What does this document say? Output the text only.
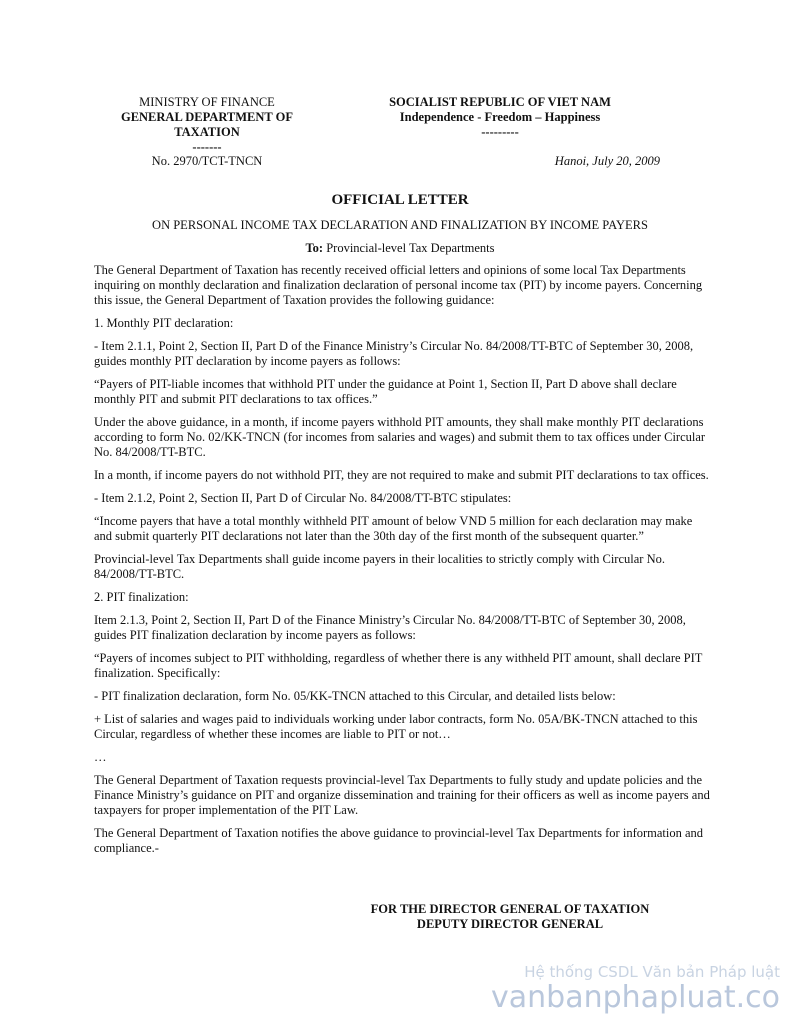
MINISTRY OF FINANCE
GENERAL DEPARTMENT OF
TAXATION
-------
SOCIALIST REPUBLIC OF VIET NAM
Independence - Freedom – Happiness
---------
No. 2970/TCT-TNCN	Hanoi, July 20, 2009
OFFICIAL LETTER
ON PERSONAL INCOME TAX DECLARATION AND FINALIZATION BY INCOME PAYERS
To: Provincial-level Tax Departments

The General Department of Taxation has recently received official letters and opinions of some local Tax Departments inquiring on monthly declaration and finalization declaration of personal income tax (PIT) by income payers. Concerning this issue, the General Department of Taxation provides the following guidance:

1. Monthly PIT declaration:

- Item 2.1.1, Point 2, Section II, Part D of the Finance Ministry’s Circular No. 84/2008/TT-BTC of September 30, 2008, guides monthly PIT declaration by income payers as follows:

“Payers of PIT-liable incomes that withhold PIT under the guidance at Point 1, Section II, Part D above shall declare monthly PIT and submit PIT declarations to tax offices.”

Under the above guidance, in a month, if income payers withhold PIT amounts, they shall make monthly PIT declarations according to form No. 02/KK-TNCN (for incomes from salaries and wages) and submit them to tax offices under Circular No. 84/2008/TT-BTC.

In a month, if income payers do not withhold PIT, they are not required to make and submit PIT declarations to tax offices.

- Item 2.1.2, Point 2, Section II, Part D of Circular No. 84/2008/TT-BTC stipulates:

“Income payers that have a total monthly withheld PIT amount of below VND 5 million for each declaration may make and submit quarterly PIT declarations not later than the 30th day of the first month of the subsequent quarter.”

Provincial-level Tax Departments shall guide income payers in their localities to strictly comply with Circular No. 84/2008/TT-BTC.

2. PIT finalization:

Item 2.1.3, Point 2, Section II, Part D of the Finance Ministry’s Circular No. 84/2008/TT-BTC of September 30, 2008, guides PIT finalization declaration by income payers as follows:

“Payers of incomes subject to PIT withholding, regardless of whether there is any withheld PIT amount, shall declare PIT finalization. Specifically:

- PIT finalization declaration, form No. 05/KK-TNCN attached to this Circular, and detailed lists below:

+ List of salaries and wages paid to individuals working under labor contracts, form No. 05A/BK-TNCN attached to this Circular, regardless of whether these incomes are liable to PIT or not…

…

The General Department of Taxation requests provincial-level Tax Departments to fully study and update policies and the Finance Ministry’s guidance on PIT and organize dissemination and training for their officers as well as income payers and taxpayers for proper implementation of the PIT Law.

The General Department of Taxation notifies the above guidance to provincial-level Tax Departments for information and compliance.-

FOR THE DIRECTOR GENERAL OF TAXATION
DEPUTY DIRECTOR GENERAL
Hệ thống CSDL Văn bản Pháp luật
vanbanphapluat.co
